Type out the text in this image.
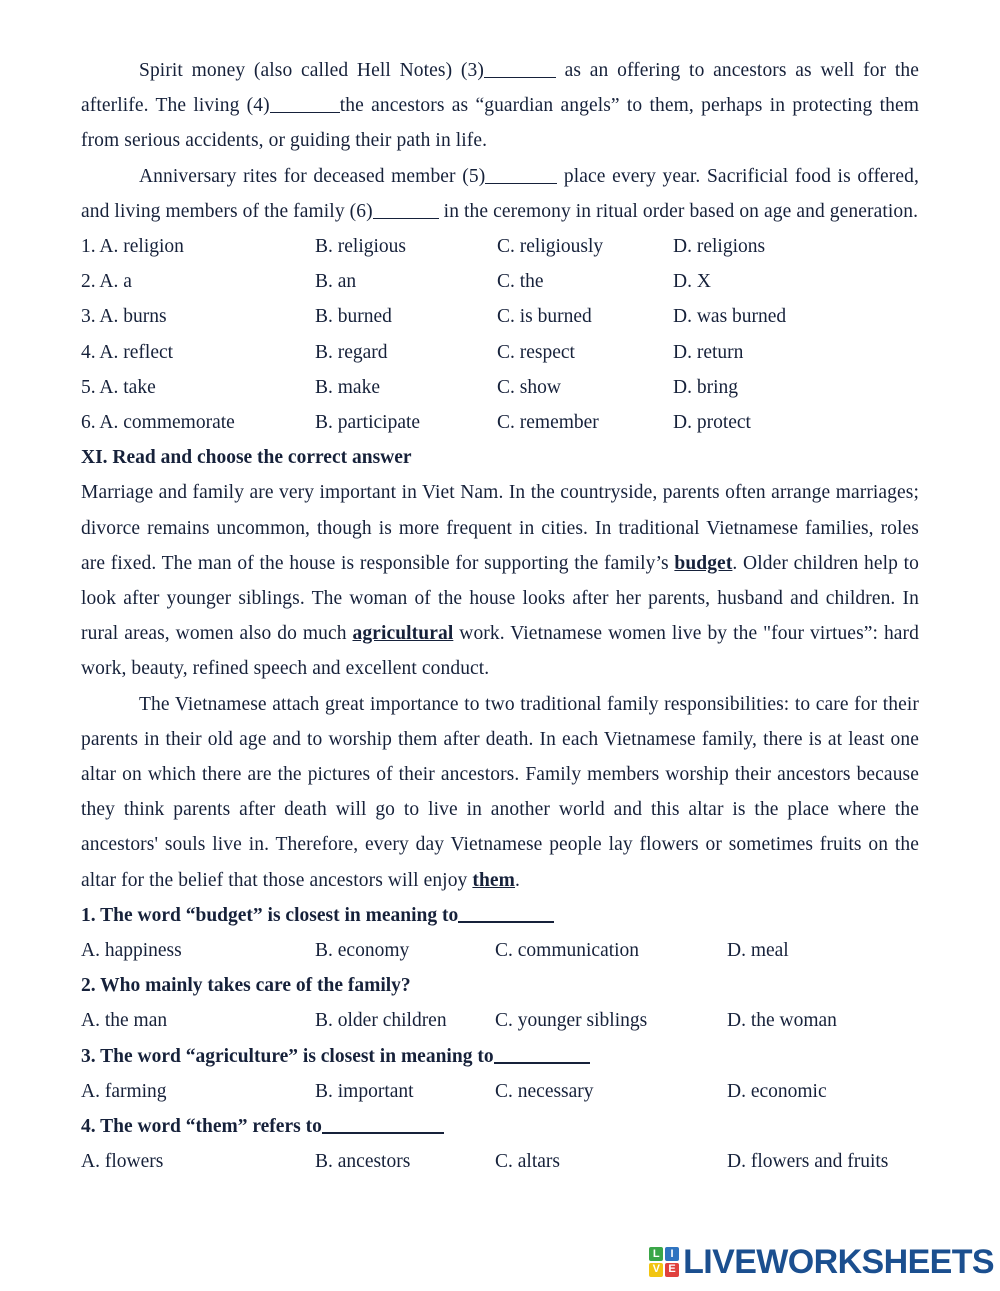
Spirit money (also called Hell Notes) (3)	as an offering to ancestors as well for the afterlife. The living (4)	the ancestors as “guardian angels” to them, perhaps in protecting them from serious accidents, or guiding their path in life.

Anniversary rites for deceased member (5)	place every year. Sacrificial food is offered, and living members of the family (6)	in the ceremony in ritual order based on age and generation.

1. A. religion	B. religious	C. religiously	D. religions
2. A. a	B. an	C. the	D. X
3. A. burns	B. burned	C. is burned	D. was burned
4. A. reflect	B. regard	C. respect	D. return
5. A. take	B. make	C. show	D. bring
6. A. commemorate	B. participate	C. remember	D. protect
XI. Read and choose the correct answer

Marriage and family are very important in Viet Nam. In the countryside, parents often arrange marriages; divorce remains uncommon, though is more frequent in cities. In traditional Vietnamese families, roles are fixed. The man of the house is responsible for supporting the family’s budget. Older children help to look after younger siblings. The woman of the house looks after her parents, husband and children. In rural areas, women also do much agricultural work. Vietnamese women live by the "four virtues”: hard work, beauty, refined speech and excellent conduct.

The Vietnamese attach great importance to two traditional family responsibilities: to care for their parents in their old age and to worship them after death. In each Vietnamese family, there is at least one altar on which there are the pictures of their ancestors. Family members worship their ancestors because they think parents after death will go to live in another world and this altar is the place where the ancestors' souls live in. Therefore, every day Vietnamese people lay flowers or sometimes fruits on the altar for the belief that those ancestors will enjoy them.

1. The word “budget” is closest in meaning to
A. happiness	B. economy	C. communication	D. meal
2. Who mainly takes care of the family?
A. the man	B. older children C. younger siblings	D. the woman
3. The word “agriculture” is closest in meaning to
A. farming	B. important	C. necessary	D. economic
4. The word “them” refers to
A. flowers	B. ancestors	C. altars	D. flowers and fruits
L I
V E LIVEWORKSHEETS
